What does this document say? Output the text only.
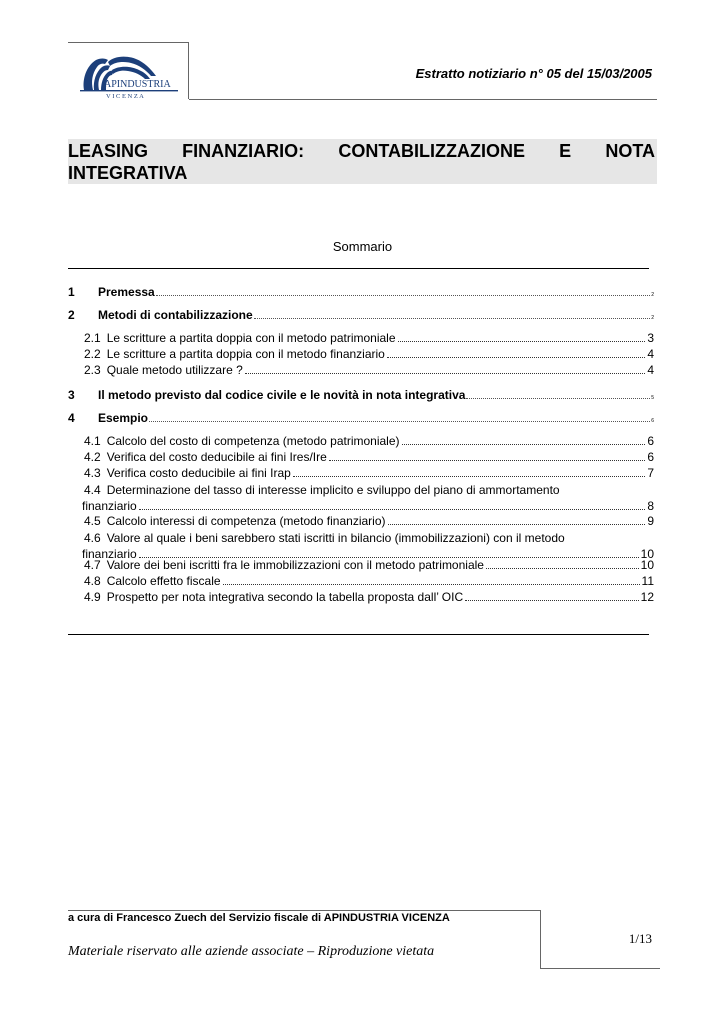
APINDUSTRIA
V I C E N Z A
Estratto notiziario n° 05 del 15/03/2005
LEASING FINANZIARIO: CONTABILIZZAZIONE E NOTA
INTEGRATIVA
Sommario
1	Premessa	2
2	Metodi di contabilizzazione	2
2.1 Le scritture a partita doppia con il metodo patrimoniale	3
2.2 Le scritture a partita doppia con il metodo finanziario	4
2.3 Quale metodo utilizzare ?	4
3	Il metodo previsto dal codice civile e le novità in nota integrativa	5
4	Esempio	6
4.1 Calcolo del costo di competenza (metodo patrimoniale)	6
4.2 Verifica del costo deducibile ai fini Ires/Ire	6
4.3 Verifica costo deducibile ai fini Irap	7
4.4 Determinazione del tasso di interesse implicito e sviluppo del piano di ammortamento
finanziario	8
4.5 Calcolo interessi di competenza (metodo finanziario)	9
4.6 Valore al quale i beni sarebbero stati iscritti in bilancio (immobilizzazioni) con il metodo
finanziario	10
4.7 Valore dei beni iscritti fra le immobilizzazioni con il metodo patrimoniale	10
4.8 Calcolo effetto fiscale	11
4.9 Prospetto per nota integrativa secondo la tabella proposta dall’ OIC	12
a cura di Francesco Zuech del Servizio fiscale di APINDUSTRIA VICENZA
Materiale riservato alle aziende associate – Riproduzione vietata
1/13
